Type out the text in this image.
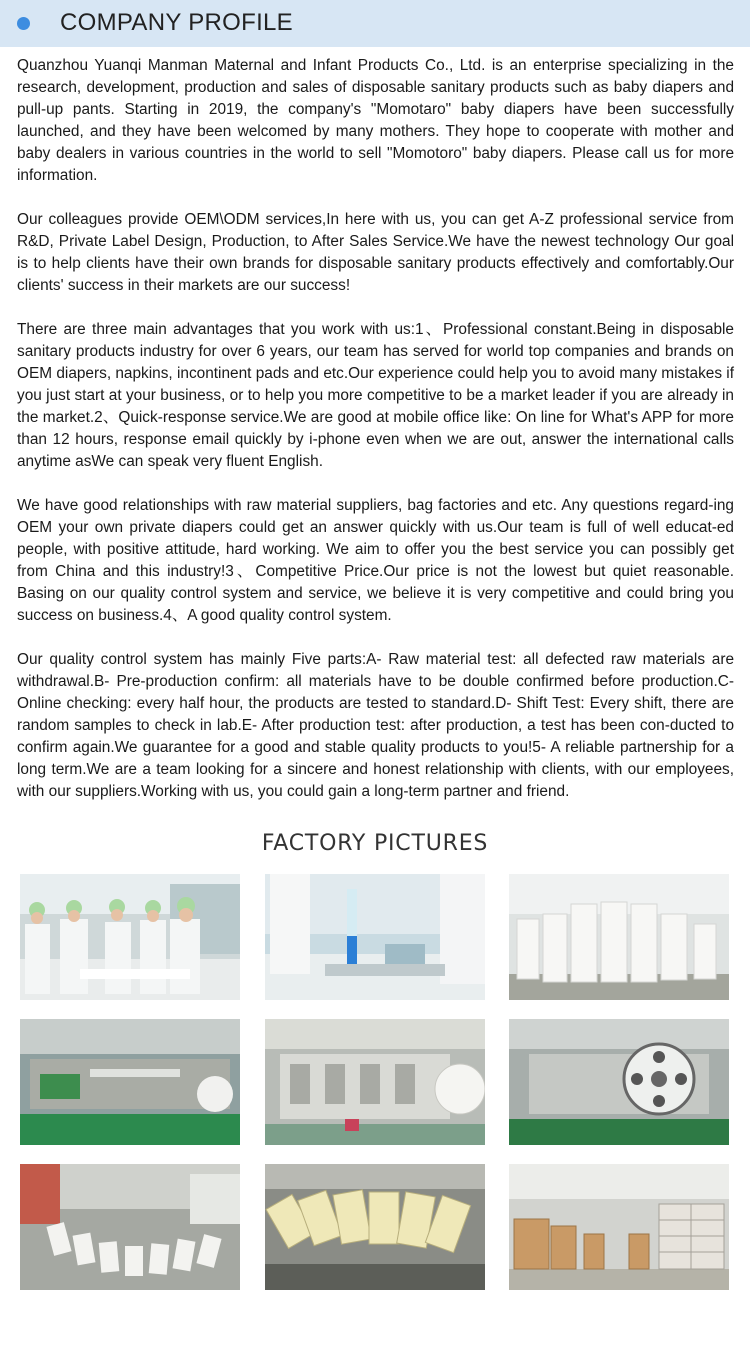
COMPANY PROFILE

Quanzhou Yuanqi Manman Maternal and Infant Products Co., Ltd. is an enterprise specializing in the research, development, production and sales of disposable sanitary products such as baby diapers and pull-up pants. Starting in 2019, the company's "Momotaro" baby diapers have been successfully launched, and they have been welcomed by many mothers. They hope to cooperate with mother and baby dealers in various countries in the world to sell "Momotoro" baby diapers. Please call us for more information.

Our colleagues provide OEM\ODM services,In here with us, you can get A-Z professional service from R&D, Private Label Design, Production, to After Sales Service.We have the newest technology Our goal is to help clients have their own brands for disposable sanitary products effectively and comfortably.Our clients' success in their markets are our success!

There are three main advantages that you work with us:1、Professional constant.Being in disposable sanitary products industry for over 6 years, our team has served for world top companies and brands on OEM diapers, napkins, incontinent pads and etc.Our experience could help you to avoid many mistakes if you just start at your business, or to help you more competitive to be a market leader if you are already in the market.2、Quick-response service.We are good at mobile office like: On line for What's APP for more than 12 hours, response email quickly by i-phone even when we are out, answer the international calls anytime asWe can speak very fluent English.

We have good relationships with raw material suppliers, bag factories and etc. Any questions regard-ing OEM your own private diapers could get an answer quickly with us.Our team is full of well educat-ed people, with positive attitude, hard working. We aim to offer you the best service you can possibly get from China and this industry!3、Competitive Price.Our price is not the lowest but quiet reasonable. Basing on our quality control system and service, we believe it is very competitive and could bring you success on business.4、A good quality control system.

Our quality control system has mainly Five parts:A- Raw material test: all defected raw materials are withdrawal.B- Pre-production confirm: all materials have to be double confirmed before production.C- Online checking: every half hour, the products are tested to standard.D- Shift Test: Every shift, there are random samples to check in lab.E- After production test: after production, a test has been con-ducted to confirm again.We guarantee for a good and stable quality products to you!5- A reliable partnership for a long term.We are a team looking for a sincere and honest relationship with clients, with our employees, with our suppliers.Working with us, you could gain a long-term partner and friend.

FACTORY PICTURES
